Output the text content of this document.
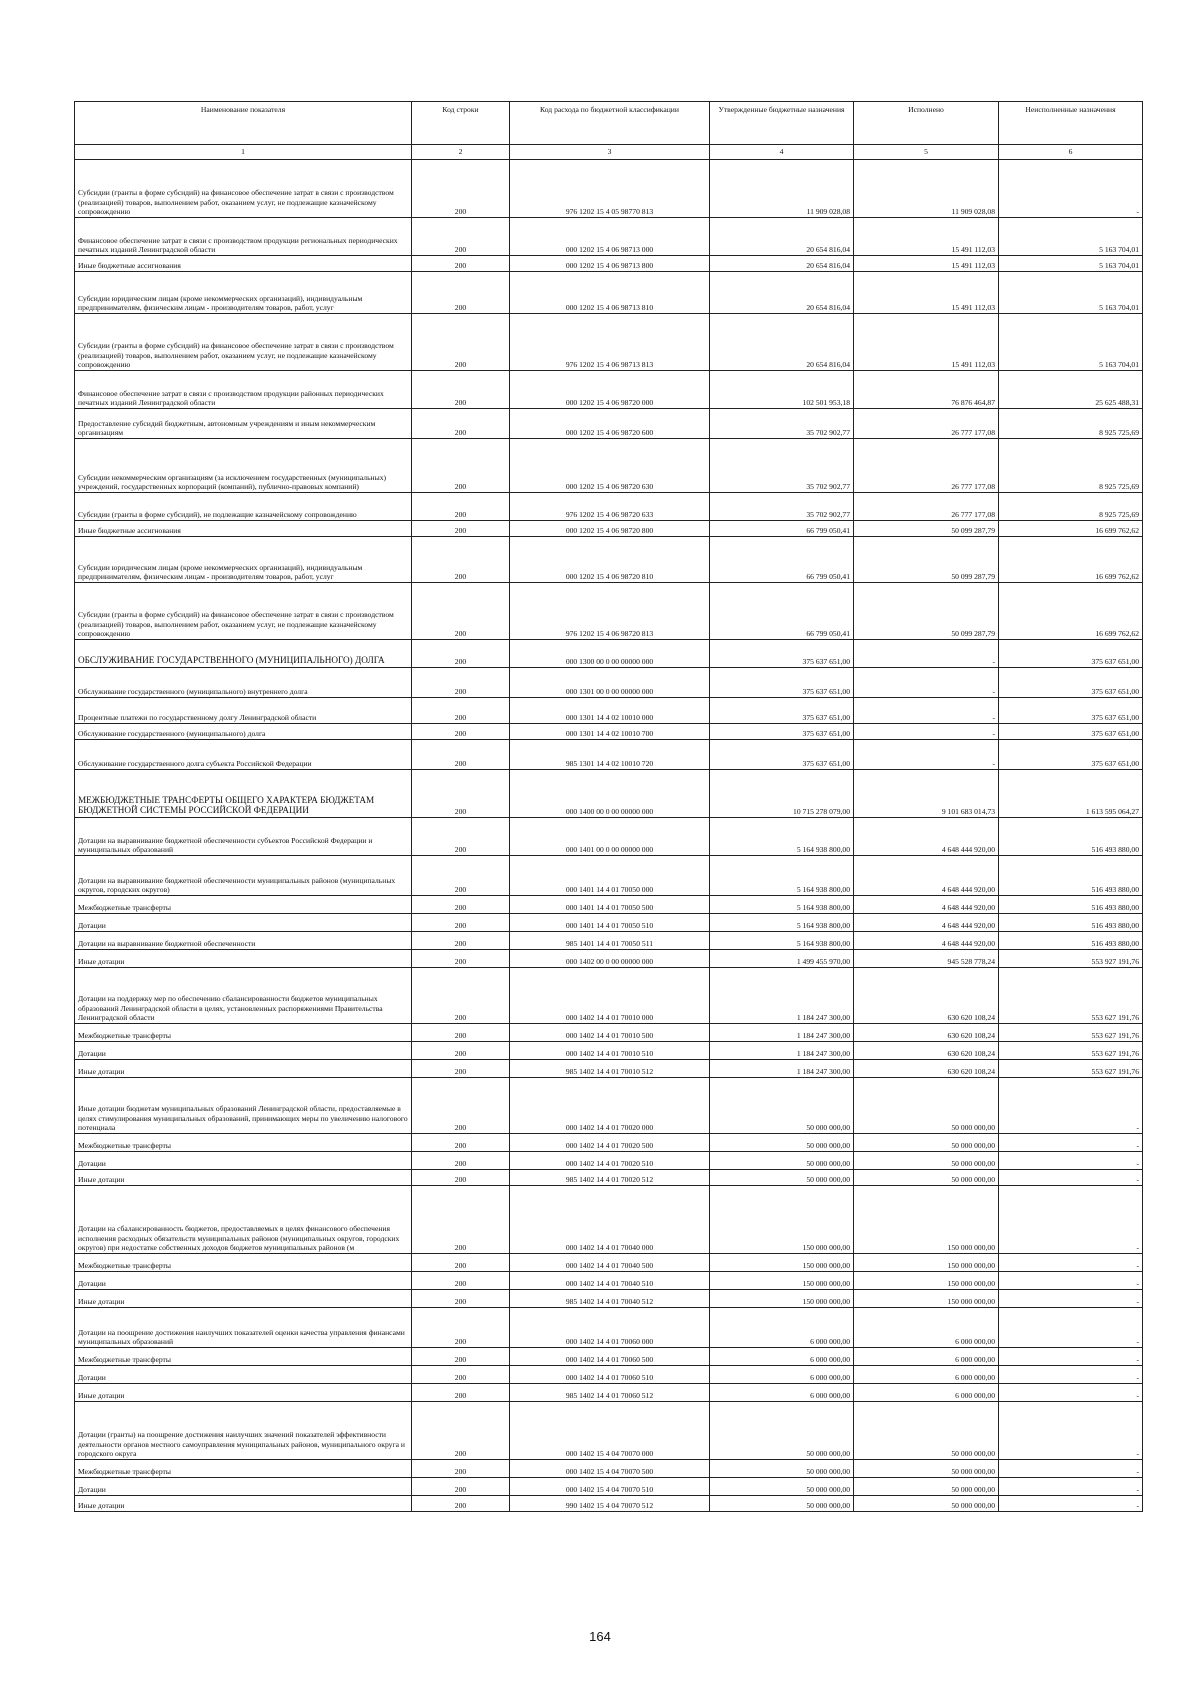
Наименование показателя	Код строки	Код расхода по бюджетной классификации	Утвержденные бюджетные назначения	Исполнено	Неисполненные назначения
1	2	3	4	5	6
Субсидии (гранты в форме субсидий) на финансовое обеспечение затрат в связи с производством (реализацией) товаров, выполнением работ, оказанием услуг, не подлежащие казначейскому сопровождению	200	976 1202 15 4 05 98770 813	11 909 028,08	11 909 028,08	-
Финансовое обеспечение затрат в связи с производством продукции региональных периодических печатных изданий Ленинградской области	200	000 1202 15 4 06 98713 000	20 654 816,04	15 491 112,03	5 163 704,01
Иные бюджетные ассигнования	200	000 1202 15 4 06 98713 800	20 654 816,04	15 491 112,03	5 163 704,01
Субсидии юридическим лицам (кроме некоммерческих организаций), индивидуальным предпринимателям, физическим лицам - производителям товаров, работ, услуг	200	000 1202 15 4 06 98713 810	20 654 816,04	15 491 112,03	5 163 704,01
Субсидии (гранты в форме субсидий) на финансовое обеспечение затрат в связи с производством (реализацией) товаров, выполнением работ, оказанием услуг, не подлежащие казначейскому сопровождению	200	976 1202 15 4 06 98713 813	20 654 816,04	15 491 112,03	5 163 704,01
Финансовое обеспечение затрат в связи с производством продукции районных периодических печатных изданий Ленинградской области	200	000 1202 15 4 06 98720 000	102 501 953,18	76 876 464,87	25 625 488,31
Предоставление субсидий бюджетным, автономным учреждениям и иным некоммерческим организациям	200	000 1202 15 4 06 98720 600	35 702 902,77	26 777 177,08	8 925 725,69
Субсидии некоммерческим организациям (за исключением государственных (муниципальных) учреждений, государственных корпораций (компаний), публично-правовых компаний)	200	000 1202 15 4 06 98720 630	35 702 902,77	26 777 177,08	8 925 725,69
Субсидии (гранты в форме субсидий), не подлежащие казначейскому сопровождению	200	976 1202 15 4 06 98720 633	35 702 902,77	26 777 177,08	8 925 725,69
Иные бюджетные ассигнования	200	000 1202 15 4 06 98720 800	66 799 050,41	50 099 287,79	16 699 762,62
Субсидии юридическим лицам (кроме некоммерческих организаций), индивидуальным предпринимателям, физическим лицам - производителям товаров, работ, услуг	200	000 1202 15 4 06 98720 810	66 799 050,41	50 099 287,79	16 699 762,62
Субсидии (гранты в форме субсидий) на финансовое обеспечение затрат в связи с производством (реализацией) товаров, выполнением работ, оказанием услуг, не подлежащие казначейскому сопровождению	200	976 1202 15 4 06 98720 813	66 799 050,41	50 099 287,79	16 699 762,62
ОБСЛУЖИВАНИЕ ГОСУДАРСТВЕННОГО (МУНИЦИПАЛЬНОГО) ДОЛГА	200	000 1300 00 0 00 00000 000	375 637 651,00	-	375 637 651,00
Обслуживание государственного (муниципального) внутреннего долга	200	000 1301 00 0 00 00000 000	375 637 651,00	-	375 637 651,00
Процентные платежи по государственному долгу Ленинградской области	200	000 1301 14 4 02 10010 000	375 637 651,00	-	375 637 651,00
Обслуживание государственного (муниципального) долга	200	000 1301 14 4 02 10010 700	375 637 651,00	-	375 637 651,00
Обслуживание государственного долга субъекта Российской Федерации	200	985 1301 14 4 02 10010 720	375 637 651,00	-	375 637 651,00
МЕЖБЮДЖЕТНЫЕ ТРАНСФЕРТЫ ОБЩЕГО ХАРАКТЕРА БЮДЖЕТАМ БЮДЖЕТНОЙ СИСТЕМЫ РОССИЙСКОЙ ФЕДЕРАЦИИ	200	000 1400 00 0 00 00000 000	10 715 278 079,00	9 101 683 014,73	1 613 595 064,27
Дотации на выравнивание бюджетной обеспеченности субъектов Российской Федерации и муниципальных образований	200	000 1401 00 0 00 00000 000	5 164 938 800,00	4 648 444 920,00	516 493 880,00
Дотации на выравнивание бюджетной обеспеченности муниципальных районов (муниципальных округов, городских округов)	200	000 1401 14 4 01 70050 000	5 164 938 800,00	4 648 444 920,00	516 493 880,00
Межбюджетные трансферты	200	000 1401 14 4 01 70050 500	5 164 938 800,00	4 648 444 920,00	516 493 880,00
Дотации	200	000 1401 14 4 01 70050 510	5 164 938 800,00	4 648 444 920,00	516 493 880,00
Дотации на выравнивание бюджетной обеспеченности	200	985 1401 14 4 01 70050 511	5 164 938 800,00	4 648 444 920,00	516 493 880,00
Иные дотации	200	000 1402 00 0 00 00000 000	1 499 455 970,00	945 528 778,24	553 927 191,76
Дотации на поддержку мер по обеспечению сбалансированности бюджетов муниципальных образований Ленинградской области в целях, установленных распоряжениями Правительства Ленинградской области	200	000 1402 14 4 01 70010 000	1 184 247 300,00	630 620 108,24	553 627 191,76
Межбюджетные трансферты	200	000 1402 14 4 01 70010 500	1 184 247 300,00	630 620 108,24	553 627 191,76
Дотации	200	000 1402 14 4 01 70010 510	1 184 247 300,00	630 620 108,24	553 627 191,76
Иные дотации	200	985 1402 14 4 01 70010 512	1 184 247 300,00	630 620 108,24	553 627 191,76
Иные дотации бюджетам муниципальных образований Ленинградской области, предоставляемые в целях стимулирования муниципальных образований, принимающих меры по увеличению налогового потенциала	200	000 1402 14 4 01 70020 000	50 000 000,00	50 000 000,00	-
Межбюджетные трансферты	200	000 1402 14 4 01 70020 500	50 000 000,00	50 000 000,00	-
Дотации	200	000 1402 14 4 01 70020 510	50 000 000,00	50 000 000,00	-
Иные дотации	200	985 1402 14 4 01 70020 512	50 000 000,00	50 000 000,00	-
Дотации на сбалансированность бюджетов, предоставляемых в целях финансового обеспечения исполнения расходных обязательств муниципальных районов (муниципальных округов, городских округов) при недостатке собственных доходов бюджетов муниципальных районов (м	200	000 1402 14 4 01 70040 000	150 000 000,00	150 000 000,00	-
Межбюджетные трансферты	200	000 1402 14 4 01 70040 500	150 000 000,00	150 000 000,00	-
Дотации	200	000 1402 14 4 01 70040 510	150 000 000,00	150 000 000,00	-
Иные дотации	200	985 1402 14 4 01 70040 512	150 000 000,00	150 000 000,00	-
Дотации на поощрение достижения наилучших показателей оценки качества управления финансами муниципальных образований	200	000 1402 14 4 01 70060 000	6 000 000,00	6 000 000,00	-
Межбюджетные трансферты	200	000 1402 14 4 01 70060 500	6 000 000,00	6 000 000,00	-
Дотации	200	000 1402 14 4 01 70060 510	6 000 000,00	6 000 000,00	-
Иные дотации	200	985 1402 14 4 01 70060 512	6 000 000,00	6 000 000,00	-
Дотации (гранты) на поощрение достижения наилучших значений показателей эффективности деятельности органов местного самоуправления муниципальных районов, муниципального округа и городского округа	200	000 1402 15 4 04 70070 000	50 000 000,00	50 000 000,00	-
Межбюджетные трансферты	200	000 1402 15 4 04 70070 500	50 000 000,00	50 000 000,00	-
Дотации	200	000 1402 15 4 04 70070 510	50 000 000,00	50 000 000,00	-
Иные дотации	200	990 1402 15 4 04 70070 512	50 000 000,00	50 000 000,00	-
164
